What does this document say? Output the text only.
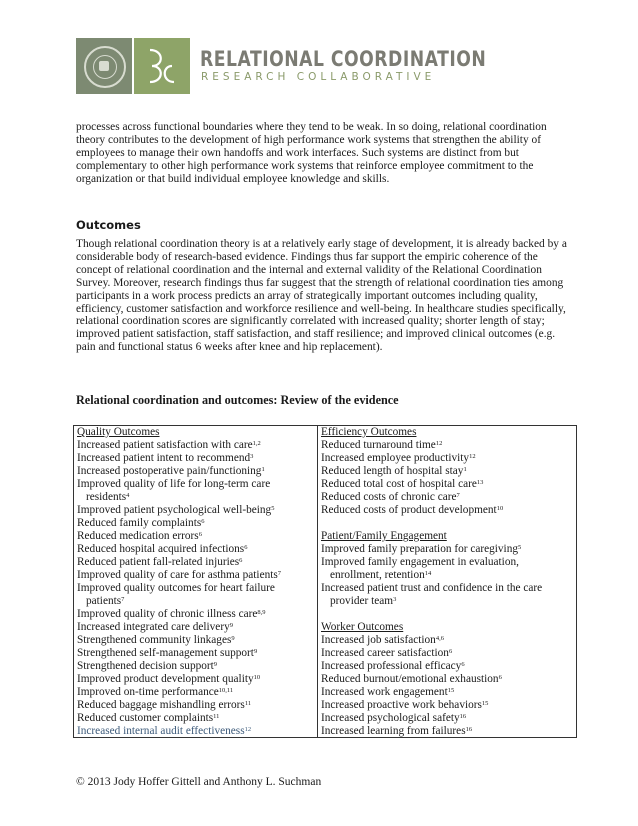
RELATIONAL COORDINATION
RESEARCH COLLABORATIVE

processes across functional boundaries where they tend to be weak. In so doing, relational coordination theory contributes to the development of high performance work systems that strengthen the ability of employees to manage their own handoffs and work interfaces. Such systems are distinct from but complementary to other high performance work systems that reinforce employee commitment to the organization or that build individual employee knowledge and skills.

Outcomes

Though relational coordination theory is at a relatively early stage of development, it is already backed by a considerable body of research-based evidence. Findings thus far support the empiric coherence of the concept of relational coordination and the internal and external validity of the Relational Coordination Survey. Moreover, research findings thus far suggest that the strength of relational coordination ties among participants in a work process predicts an array of strategically important outcomes including quality, efficiency, customer satisfaction and workforce resilience and well-being. In healthcare studies specifically, relational coordination scores are significantly correlated with increased quality; shorter length of stay; improved patient satisfaction, staff satisfaction, and staff resilience; and improved clinical outcomes (e.g. pain and functional status 6 weeks after knee and hip replacement).

Relational coordination and outcomes: Review of the evidence
Quality Outcomes
Increased patient satisfaction with care$^{1,2}$
Increased patient intent to recommend$^3$
Increased postoperative pain/functioning$^1$
Improved quality of life for long-term care
residents$^4$
Improved patient psychological well-being$^5$
Reduced family complaints$^6$
Reduced medication errors$^6$
Reduced hospital acquired infections$^6$
Reduced patient fall-related injuries$^6$
Improved quality of care for asthma patients$^7$
Improved quality outcomes for heart failure
patients$^7$
Improved quality of chronic illness care$^{8,9}$
Increased integrated care delivery$^9$
Strengthened community linkages$^9$
Strengthened self-management support$^9$
Strengthened decision support$^9$
Improved product development quality$^{10}$
Improved on-time performance$^{10,11}$
Reduced baggage mishandling errors$^{11}$
Reduced customer complaints$^{11}$
Increased internal audit effectiveness$^{12}$
Efficiency Outcomes
Reduced turnaround time$^{12}$
Increased employee productivity$^{12}$
Reduced length of hospital stay$^1$
Reduced total cost of hospital care$^{13}$
Reduced costs of chronic care$^7$
Reduced costs of product development$^{10}$
Patient/Family Engagement
Improved family preparation for caregiving$^5$
Improved family engagement in evaluation,
enrollment, retention$^{14}$
Increased patient trust and confidence in the care
provider team$^3$
Worker Outcomes
Increased job satisfaction$^{4,6}$
Increased career satisfaction$^6$
Increased professional efficacy$^6$
Reduced burnout/emotional exhaustion$^6$
Increased work engagement$^{15}$
Increased proactive work behaviors$^{15}$
Increased psychological safety$^{16}$
Increased learning from failures$^{16}$
© 2013 Jody Hoffer Gittell and Anthony L. Suchman
